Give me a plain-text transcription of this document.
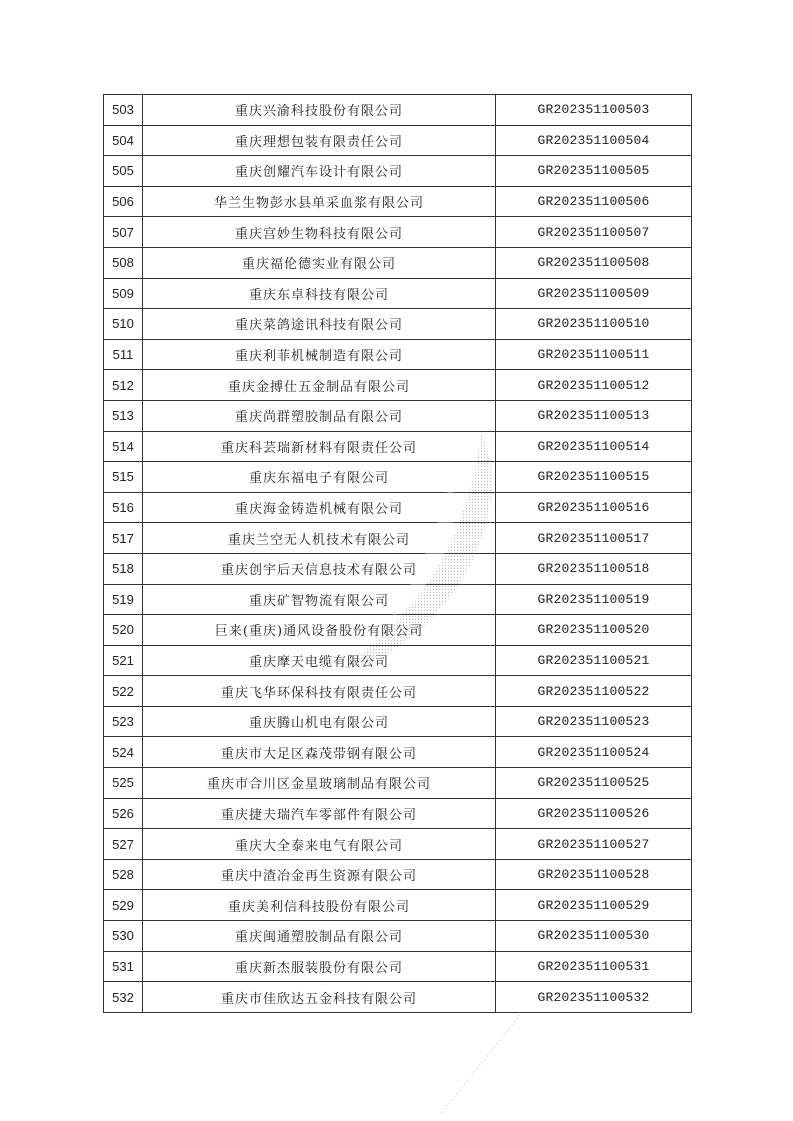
503	重庆兴渝科技股份有限公司	GR202351100503
504	重庆理想包装有限责任公司	GR202351100504
505	重庆创耀汽车设计有限公司	GR202351100505
506	华兰生物彭水县单采血浆有限公司	GR202351100506
507	重庆宫妙生物科技有限公司	GR202351100507
508	重庆福伦德实业有限公司	GR202351100508
509	重庆东卓科技有限公司	GR202351100509
510	重庆菜鸽途讯科技有限公司	GR202351100510
511	重庆利菲机械制造有限公司	GR202351100511
512	重庆金搏仕五金制品有限公司	GR202351100512
513	重庆尚群塑胶制品有限公司	GR202351100513
514	重庆科芸瑞新材料有限责任公司	GR202351100514
515	重庆东福电子有限公司	GR202351100515
516	重庆海金铸造机械有限公司	GR202351100516
517	重庆兰空无人机技术有限公司	GR202351100517
518	重庆创宇后天信息技术有限公司	GR202351100518
519	重庆矿智物流有限公司	GR202351100519
520	巨来(重庆)通风设备股份有限公司	GR202351100520
521	重庆摩天电缆有限公司	GR202351100521
522	重庆飞华环保科技有限责任公司	GR202351100522
523	重庆腾山机电有限公司	GR202351100523
524	重庆市大足区森茂带钢有限公司	GR202351100524
525	重庆市合川区金星玻璃制品有限公司	GR202351100525
526	重庆捷夫瑞汽车零部件有限公司	GR202351100526
527	重庆大全泰来电气有限公司	GR202351100527
528	重庆中渣冶金再生资源有限公司	GR202351100528
529	重庆美利信科技股份有限公司	GR202351100529
530	重庆闽通塑胶制品有限公司	GR202351100530
531	重庆新杰服装股份有限公司	GR202351100531
532	重庆市佳欣达五金科技有限公司	GR202351100532
